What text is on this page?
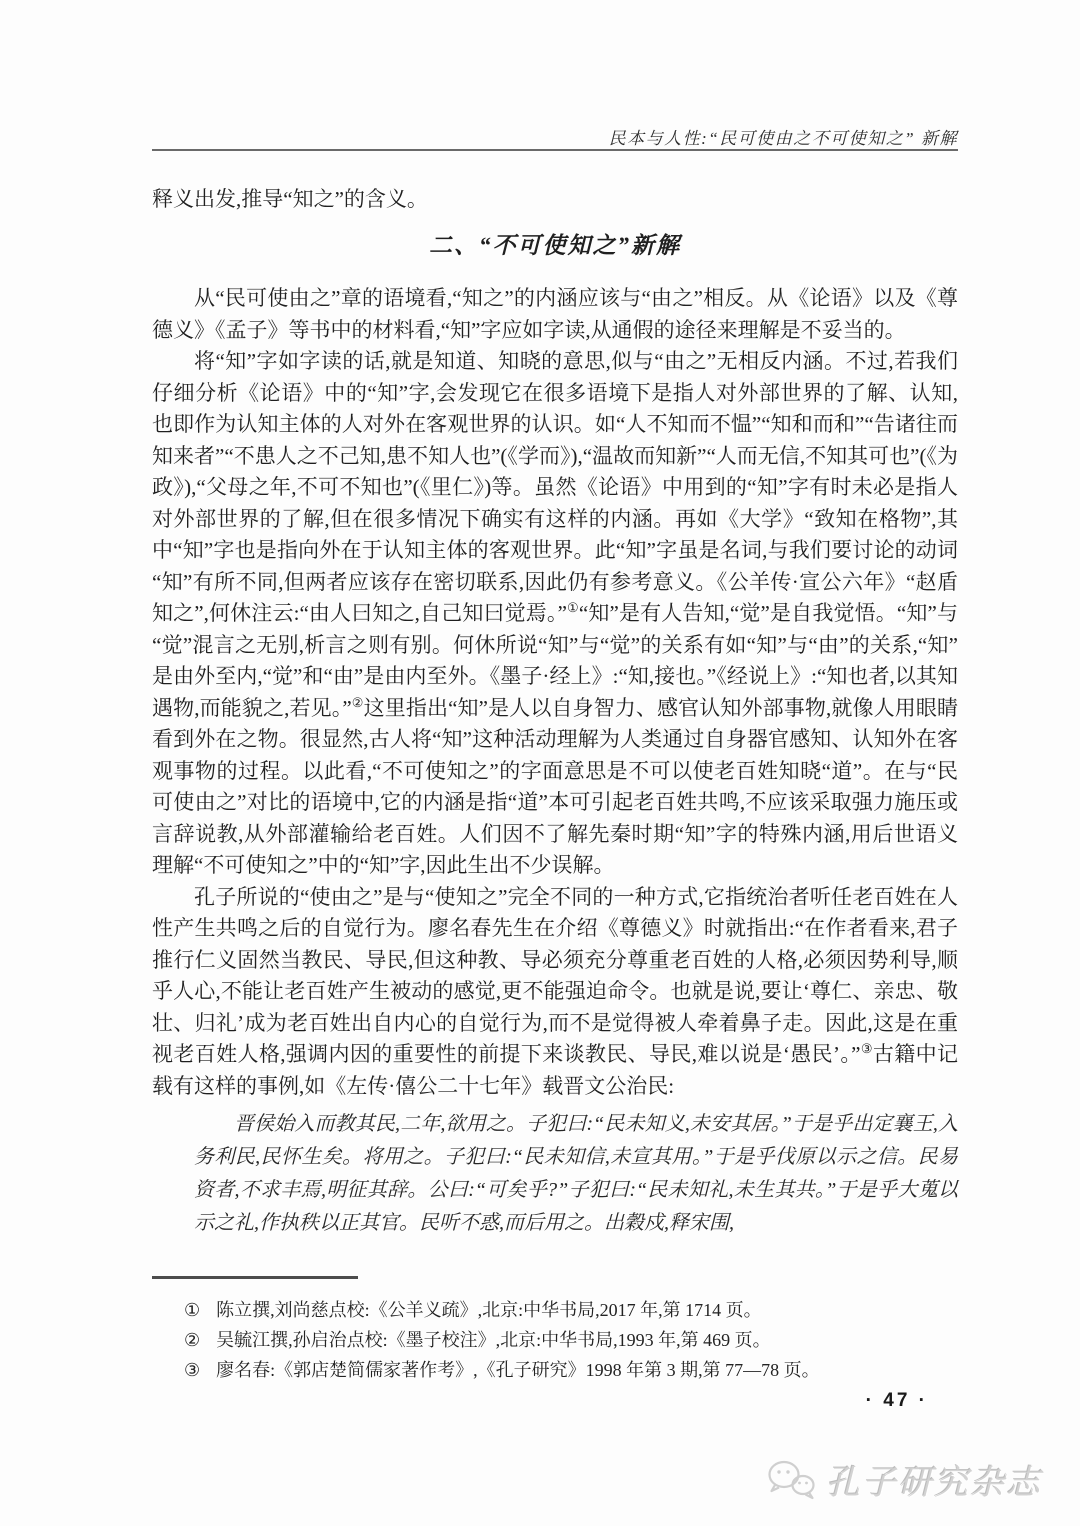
民本与人性:“民可使由之不可使知之” 新解

释义出发,推导“知之”的含义。

二、“不可使知之”新解

从“民可使由之”章的语境看,“知之”的内涵应该与“由之”相反。从《论语》以及《尊德义》《孟子》等书中的材料看,“知”字应如字读,从通假的途径来理解是不妥当的。

将“知”字如字读的话,就是知道、知晓的意思,似与“由之”无相反内涵。不过,若我们仔细分析《论语》中的“知”字,会发现它在很多语境下是指人对外部世界的了解、认知,也即作为认知主体的人对外在客观世界的认识。如“人不知而不愠”“知和而和”“告诸往而知来者”“不患人之不己知,患不知人也”(《学而》),“温故而知新”“人而无信,不知其可也”(《为政》),“父母之年,不可不知也”(《里仁》)等。虽然《论语》中用到的“知”字有时未必是指人对外部世界的了解,但在很多情况下确实有这样的内涵。再如《大学》“致知在格物”,其中“知”字也是指向外在于认知主体的客观世界。此“知”字虽是名词,与我们要讨论的动词“知”有所不同,但两者应该存在密切联系,因此仍有参考意义。《公羊传·宣公六年》“赵盾知之”,何休注云:“由人曰知之,自己知曰觉焉。”①“知”是有人告知,“觉”是自我觉悟。“知”与“觉”混言之无别,析言之则有别。何休所说“知”与“觉”的关系有如“知”与“由”的关系,“知”是由外至内,“觉”和“由”是由内至外。《墨子·经上》:“知,接也。”《经说上》:“知也者,以其知遇物,而能貌之,若见。”②这里指出“知”是人以自身智力、感官认知外部事物,就像人用眼睛看到外在之物。很显然,古人将“知”这种活动理解为人类通过自身器官感知、认知外在客观事物的过程。以此看,“不可使知之”的字面意思是不可以使老百姓知晓“道”。在与“民可使由之”对比的语境中,它的内涵是指“道”本可引起老百姓共鸣,不应该采取强力施压或言辞说教,从外部灌输给老百姓。人们因不了解先秦时期“知”字的特殊内涵,用后世语义理解“不可使知之”中的“知”字,因此生出不少误解。

孔子所说的“使由之”是与“使知之”完全不同的一种方式,它指统治者听任老百姓在人性产生共鸣之后的自觉行为。廖名春先生在介绍《尊德义》时就指出:“在作者看来,君子推行仁义固然当教民、导民,但这种教、导必须充分尊重老百姓的人格,必须因势利导,顺乎人心,不能让老百姓产生被动的感觉,更不能强迫命令。也就是说,要让‘尊仁、亲忠、敬壮、归礼’成为老百姓出自内心的自觉行为,而不是觉得被人牵着鼻子走。因此,这是在重视老百姓人格,强调内因的重要性的前提下来谈教民、导民,难以说是‘愚民’。”③古籍中记载有这样的事例,如《左传·僖公二十七年》载晋文公治民:

晋侯始入而教其民,二年,欲用之。子犯曰:“民未知义,未安其居。”于是乎出定襄王,入务利民,民怀生矣。将用之。子犯曰:“民未知信,未宣其用。”于是乎伐原以示之信。民易资者,不求丰焉,明征其辞。公曰:“可矣乎?”子犯曰:“民未知礼,未生其共。”于是乎大蒐以示之礼,作执秩以正其官。民听不惑,而后用之。出穀戍,释宋围,

① 陈立撰,刘尚慈点校:《公羊义疏》,北京:中华书局,2017 年,第 1714 页。
② 吴毓江撰,孙启治点校:《墨子校注》,北京:中华书局,1993 年,第 469 页。
③ 廖名春:《郭店楚简儒家著作考》,《孔子研究》1998 年第 3 期,第 77—78 页。
· 47 ·
孔子研究杂志
